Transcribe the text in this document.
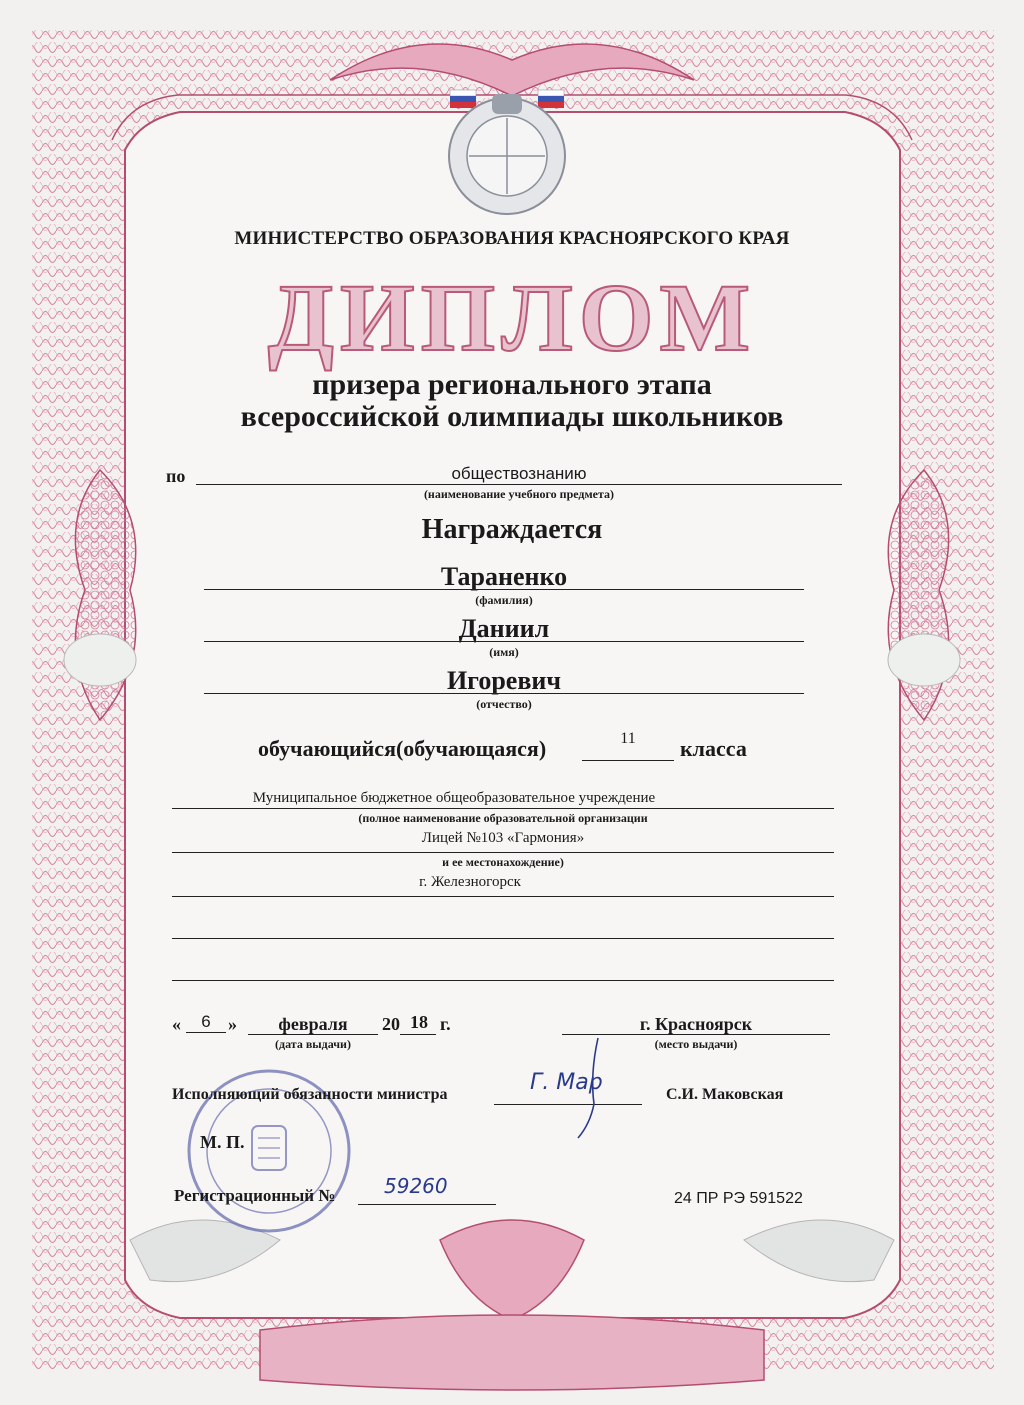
МИНИСТЕРСТВО ОБРАЗОВАНИЯ КРАСНОЯРСКОГО КРАЯ
ДИПЛОМ
призера регионального этапа
всероссийской олимпиады школьников
по	обществознанию
(наименование учебного предмета)
Награждается
Тараненко
(фамилия)
Даниил
(имя)
Игоревич
(отчество)
обучающийся(обучающаяся)	11	класса
Муниципальное бюджетное общеобразовательное учреждение
(полное наименование образовательной организации
Лицей №103 «Гармония»
и ее местонахождение)
г. Железногорск
«	6 »	февраля	20 18 г.
(дата выдачи)
г. Красноярск
(место выдачи)
Исполняющий обязанности министра	Г. Мар	С.И. Маковская
М. П.
Регистрационный № 59260
24 ПР РЭ 591522
